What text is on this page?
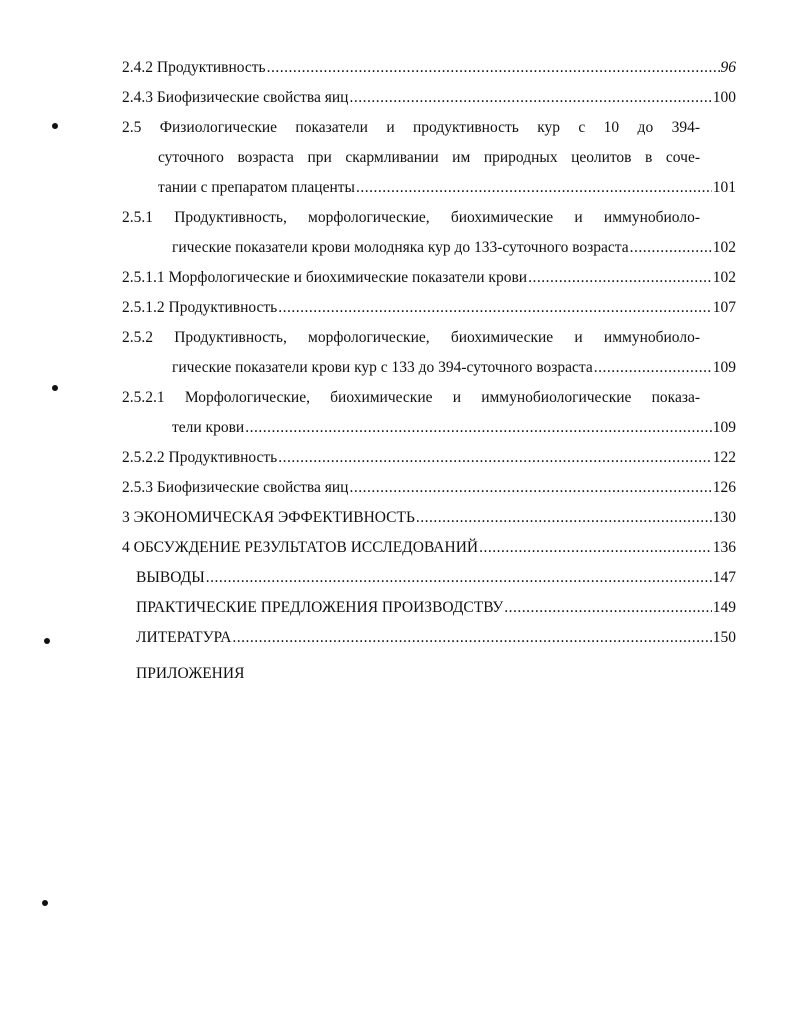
2.4.2 Продуктивность .....	96
2.4.3 Биофизические свойства яиц .....	100
2.5 Физиологические показатели и продуктивность кур с 10 до 394-
суточного возраста при скармливании им природных цеолитов в соче-
тании с препаратом плаценты .....	101
2.5.1 Продуктивность, морфологические, биохимические и иммунобиоло-
гические показатели крови молодняка кур до 133-суточного возраста .....	102
2.5.1.1 Морфологические и биохимические показатели крови .....	102
2.5.1.2 Продуктивность .....	107
2.5.2 Продуктивность, морфологические, биохимические и иммунобиоло-
гические показатели крови кур с 133 до 394-суточного возраста .....	109
2.5.2.1 Морфологические, биохимические и иммунобиологические показа-
тели крови .....	109
2.5.2.2 Продуктивность .....	122
2.5.3 Биофизические свойства яиц .....	126
3 ЭКОНОМИЧЕСКАЯ ЭФФЕКТИВНОСТЬ .....	130
4 ОБСУЖДЕНИЕ РЕЗУЛЬТАТОВ ИССЛЕДОВАНИЙ .....	136
ВЫВОДЫ .....	147
ПРАКТИЧЕСКИЕ ПРЕДЛОЖЕНИЯ ПРОИЗВОДСТВУ .....	149
ЛИТЕРАТУРА .....	150
ПРИЛОЖЕНИЯ
